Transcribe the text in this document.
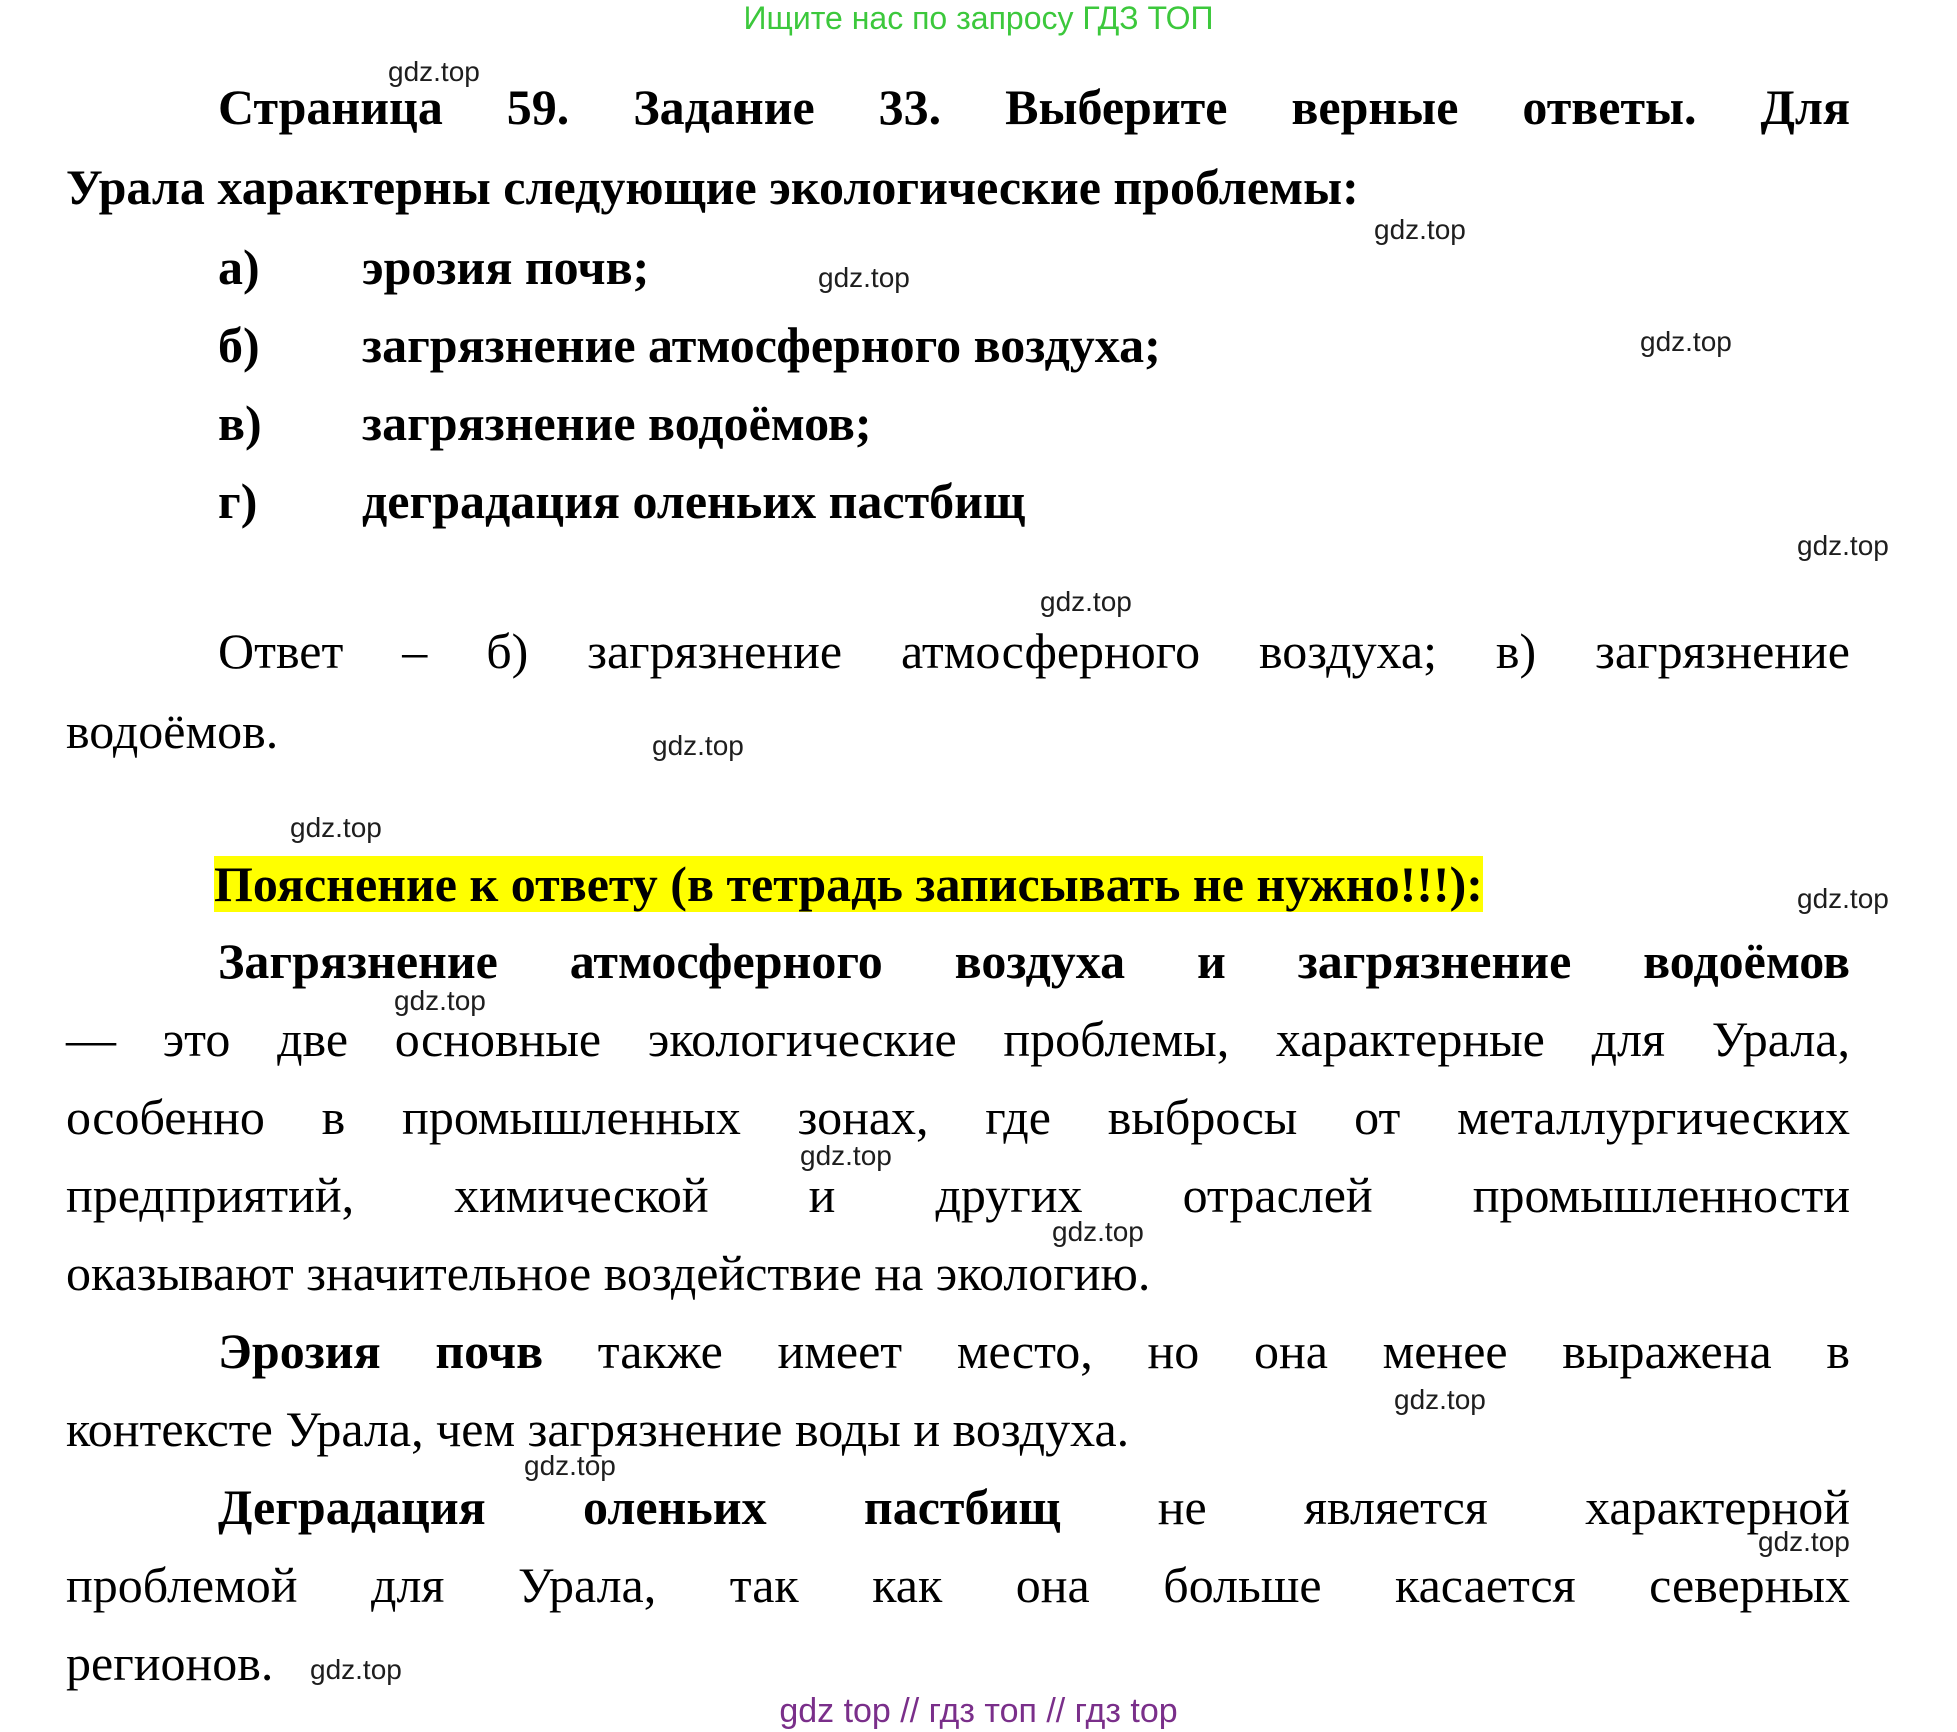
Ищите нас по запросу ГДЗ ТОП
Страница 59. Задание 33. Выберите верные ответы. Для
Урала характерны следующие экологические проблемы:
а) эрозия почв;
б) загрязнение атмосферного воздуха;
в) загрязнение водоёмов;
г) деградация оленьих пастбищ
Ответ – б) загрязнение атмосферного воздуха; в) загрязнение
водоёмов.
Пояснение к ответу (в тетрадь записывать не нужно!!!):
Загрязнение атмосферного воздуха и загрязнение водоёмов
— это две основные экологические проблемы, характерные для Урала,
особенно в промышленных зонах, где выбросы от металлургических
предприятий, химической и других отраслей промышленности
оказывают значительное воздействие на экологию.
Эрозия почв также имеет место, но она менее выражена в
контексте Урала, чем загрязнение воды и воздуха.
Деградация оленьих пастбищ не является характерной
проблемой для Урала, так как она больше касается северных
регионов.
gdz.top
gdz.top
gdz.top
gdz.top
gdz.top
gdz.top
gdz.top
gdz.top
gdz.top
gdz.top
gdz.top
gdz.top
gdz.top
gdz.top
gdz.top
gdz.top
gdz top // гдз топ // гдз top
